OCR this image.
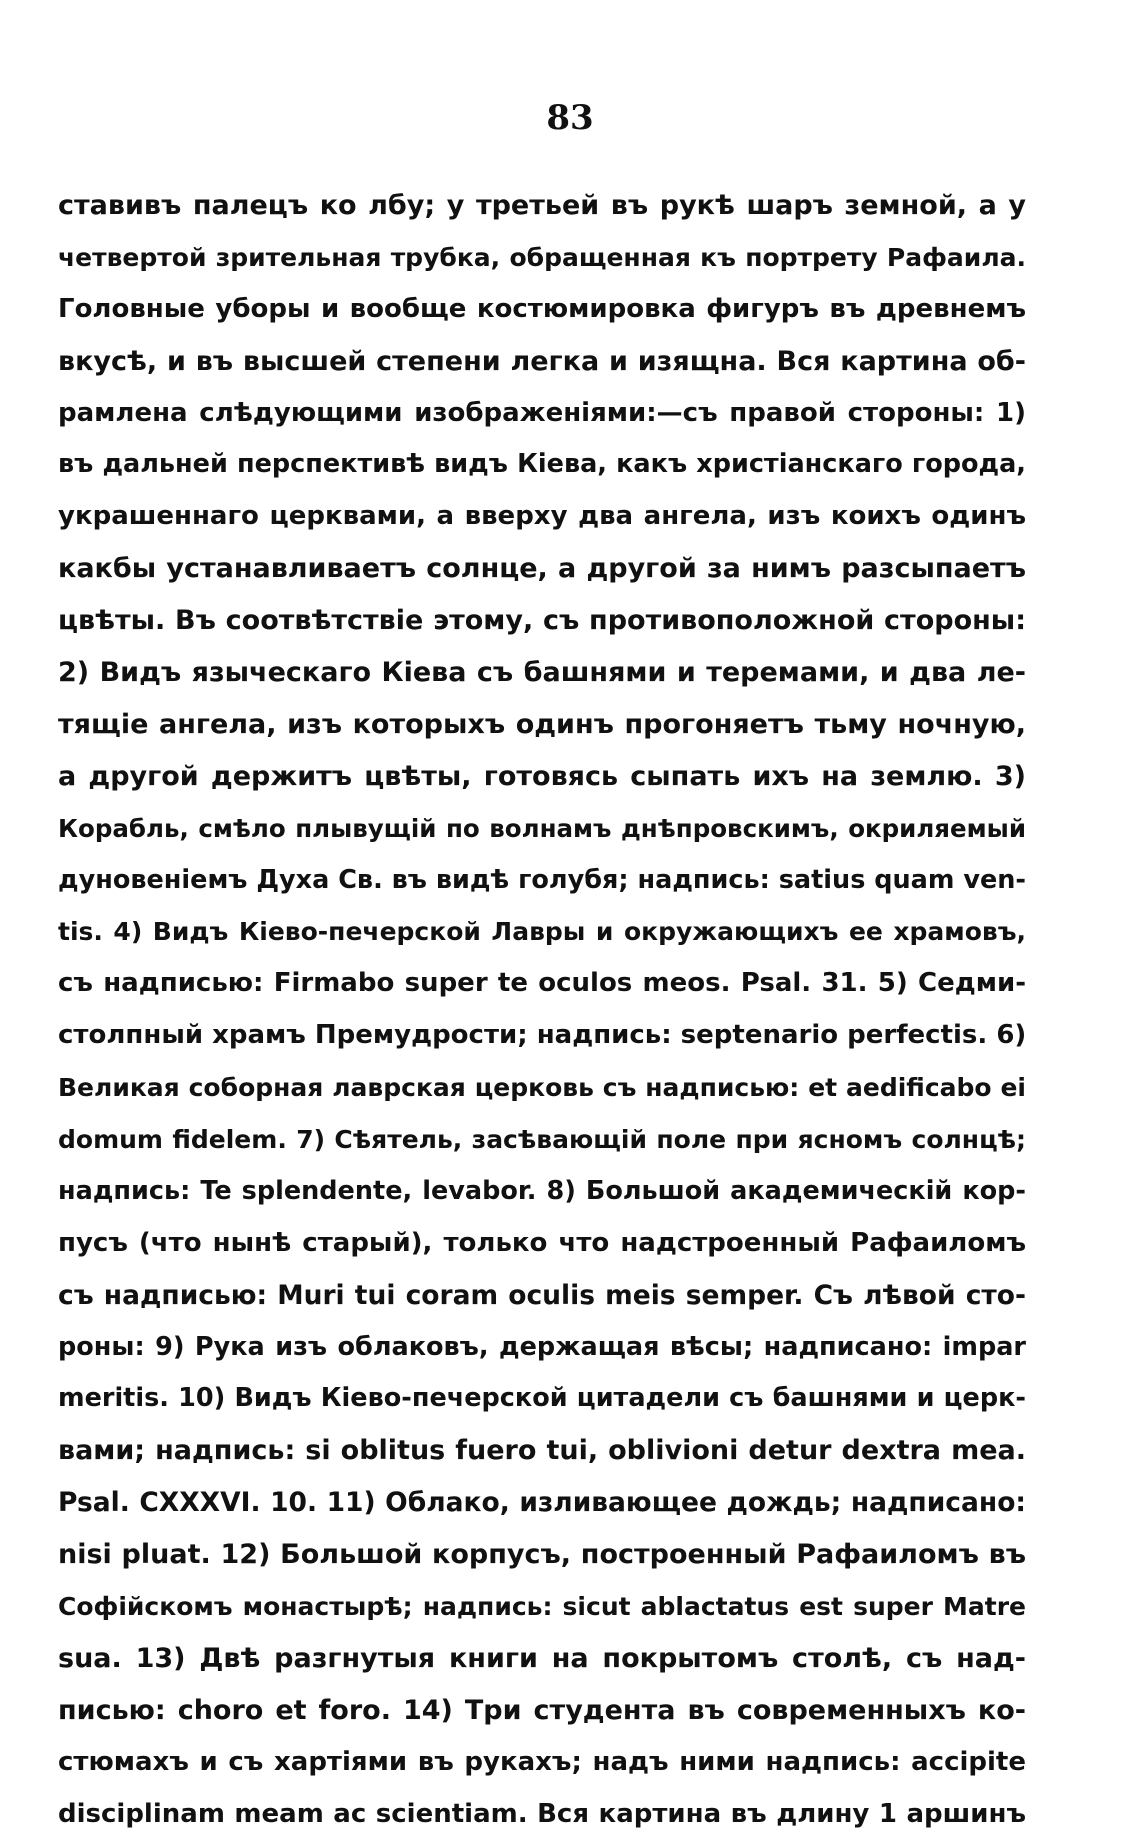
83
ставивъ палецъ ко лбу; у третьей въ рукѣ шаръ земной, а у
четвертой зрительная трубка, обращенная къ портрету Рафаила.
Головные уборы и вообще костюмировка фигуръ въ древнемъ
вкусѣ, и въ высшей степени легка и изящна. Вся картина об-
рамлена слѣдующими изображеніями:—съ правой стороны: 1)
въ дальней перспективѣ видъ Кіева, какъ христіанскаго города,
украшеннаго церквами, а вверху два ангела, изъ коихъ одинъ
какбы устанавливаетъ солнце, а другой за нимъ разсыпаетъ
цвѣты. Въ соотвѣтствіе этому, съ противоположной стороны:
2) Видъ языческаго Кіева съ башнями и теремами, и два ле-
тящіе ангела, изъ которыхъ одинъ прогоняетъ тьму ночную,
а другой держитъ цвѣты, готовясь сыпать ихъ на землю. 3)
Корабль, смѣло плывущій по волнамъ днѣпровскимъ, окриляемый
дуновеніемъ Духа Св. въ видѣ голубя; надпись: satius quam ven-
tis. 4) Видъ Кіево-печерской Лавры и окружающихъ ее храмовъ,
съ надписью: Firmabo super te oculos meos. Psal. 31. 5) Седми-
столпный храмъ Премудрости; надпись: septenario perfectis. 6)
Великая соборная лаврская церковь съ надписью: et aedificabo ei
domum fidelem. 7) Сѣятель, засѣвающій поле при ясномъ солнцѣ;
надпись: Te splendente, levabor. 8) Большой академическій кор-
пусъ (что нынѣ старый), только что надстроенный Рафаиломъ
съ надписью: Muri tui coram oculis meis semper. Съ лѣвой сто-
роны: 9) Рука изъ облаковъ, держащая вѣсы; надписано: impar
meritis. 10) Видъ Кіево-печерской цитадели съ башнями и церк-
вами; надпись: si oblitus fuero tui, oblivioni detur dextra mea.
Psal. CXXXVI. 10. 11) Облако, изливающее дождь; надписано:
nisi pluat. 12) Большой корпусъ, построенный Рафаиломъ въ
Софійскомъ монастырѣ; надпись: sicut ablactatus est super Matre
sua. 13) Двѣ разгнутыя книги на покрытомъ столѣ, съ над-
писью: choro et foro. 14) Три студента въ современныхъ ко-
стюмахъ и съ хартіями въ рукахъ; надъ ними надпись: accipite
disciplinam meam ac scientiam. Вся картина въ длину 1 аршинъ
